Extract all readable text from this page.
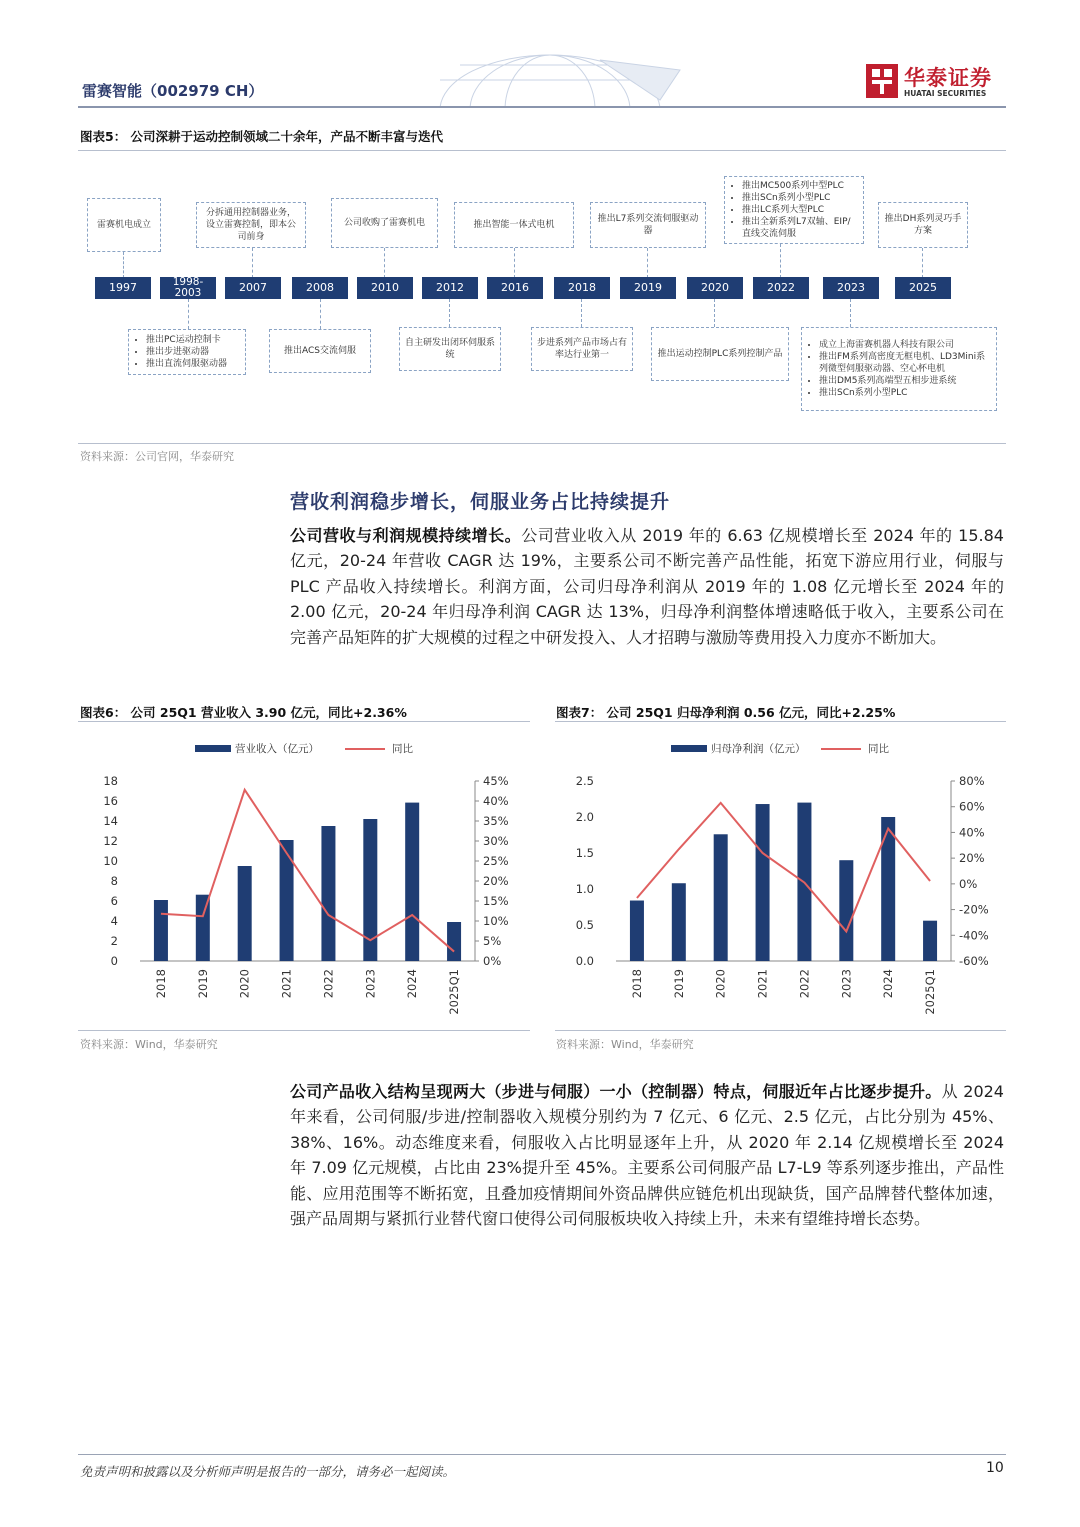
雷赛智能（002979 CH）
华泰证券
HUATAI SECURITIES
图表5： 公司深耕于运动控制领域二十余年，产品不断丰富与迭代
雷赛机电成立
分拆通用控制器业务，设立雷赛控制，即本公司前身
公司收购了雷赛机电	推出智能一体式电机
推出L7系列交流伺服驱动器
• 推出MC500系列中型PLC
• 推出SCn系列小型PLC
• 推出LC系列大型PLC
• 推出全新系列L7双轴、EIP/直线交流伺服
推出DH系列灵巧手方案
1997	1998-
2003	2007	2008	2010	2012	2016	2018	2019	2020	2022	2023	2025
• 推出PC运动控制卡
• 推出步进驱动器
• 推出直流伺服驱动器
推出ACS交流伺服
自主研发出闭环伺服系统
步进系列产品市场占有率达行业第一	推出运动控制PLC系列控制产品
• 成立上海雷赛机器人科技有限公司
• 推出FM系列高密度无框电机、LD3Mini系列微型伺服驱动器、空心杯电机
• 推出DM5系列高端型五相步进系统
• 推出SCn系列小型PLC
资料来源：公司官网，华泰研究
营收利润稳步增长，伺服业务占比持续提升
公司营收与利润规模持续增长。公司营业收入从 2019 年的 6.63 亿规模增长至 2024 年的 15.84 亿元，20-24 年营收 CAGR 达 19%，主要系公司不断完善产品性能，拓宽下游应用行业，伺服与 PLC 产品收入持续增长。利润方面，公司归母净利润从 2019 年的 1.08 亿元增长至 2024 年的 2.00 亿元，20-24 年归母净利润 CAGR 达 13%，归母净利润整体增速略低于收入，主要系公司在完善产品矩阵的扩大规模的过程之中研发投入、人才招聘与激励等费用投入力度亦不断加大。
图表6： 公司 25Q1 营业收入 3.90 亿元，同比+2.36%
营业收入（亿元）	同比
0
2
4
6
8
10
12
14
16
18
0%
5%
10%
15%
20%
25%
30%
35%
40%
45%
2018 2019 2020 2021 2022 2023 2024 2025Q1
资料来源：Wind，华泰研究
图表7： 公司 25Q1 归母净利润 0.56 亿元，同比+2.25%
归母净利润（亿元）	同比
0.0
0.5
1.0
1.5
2.0
2.5
-60%
-40%
-20%
0%
20%
40%
60%
80%
2018 2019 2020 2021 2022 2023 2024 2025Q1
资料来源：Wind，华泰研究
公司产品收入结构呈现两大（步进与伺服）一小（控制器）特点，伺服近年占比逐步提升。从 2024 年来看，公司伺服/步进/控制器收入规模分别约为 7 亿元、6 亿元、2.5 亿元，占比分别为 45%、38%、16%。动态维度来看，伺服收入占比明显逐年上升，从 2020 年 2.14 亿规模增长至 2024 年 7.09 亿元规模，占比由 23%提升至 45%。主要系公司伺服产品 L7-L9 等系列逐步推出，产品性能、应用范围等不断拓宽，且叠加疫情期间外资品牌供应链危机出现缺货，国产品牌替代整体加速，强产品周期与紧抓行业替代窗口使得公司伺服板块收入持续上升，未来有望维持增长态势。
免责声明和披露以及分析师声明是报告的一部分，请务必一起阅读。	10
